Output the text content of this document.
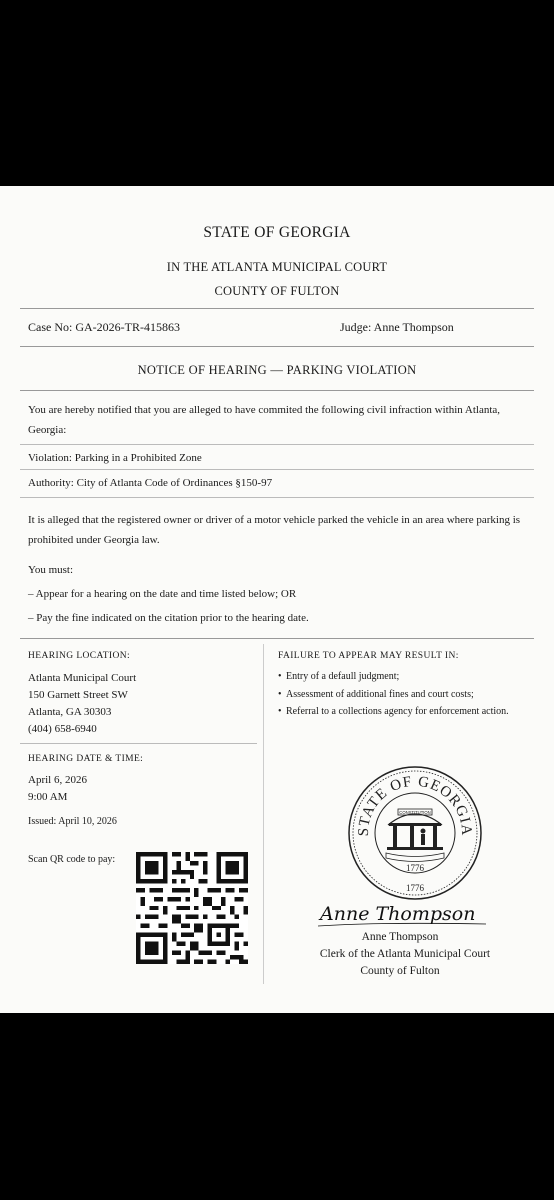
STATE OF GEORGIA
IN THE ATLANTA MUNICIPAL COURT
COUNTY OF FULTON
Case No: GA-2026-TR-415863	Judge: Anne Thompson
NOTICE OF HEARING — PARKING VIOLATION
You are hereby notified that you are alleged to have commited the following civil infraction within Atlanta, Georgia:
Violation: Parking in a Prohibited Zone
Authority: City of Atlanta Code of Ordinances §150-97
It is alleged that the registered owner or driver of a motor vehicle parked the vehicle in an area where parking is prohibited under Georgia law.
You must:
– Appear for a hearing on the date and time listed below; OR
– Pay the fine indicated on the citation prior to the hearing date.
HEARING LOCATION:
Atlanta Municipal Court
150 Garnett Street SW
Atlanta, GA 30303
(404) 658-6940
FAILURE TO APPEAR MAY RESULT IN:
• Entry of a defaull judgment;
• Assessment of additional fines and court costs;
• Referral to a collections agency for enforcement action.
HEARING DATE & TIME:
April 6, 2026
9:00 AM
Issued: April 10, 2026
Scan QR code to pay:
STATE OF GEORGIA
CONSTITUTION
1776
1776
Anne Thompson
Anne Thompson
Clerk of the Atlanta Municipal Court
County of Fulton
